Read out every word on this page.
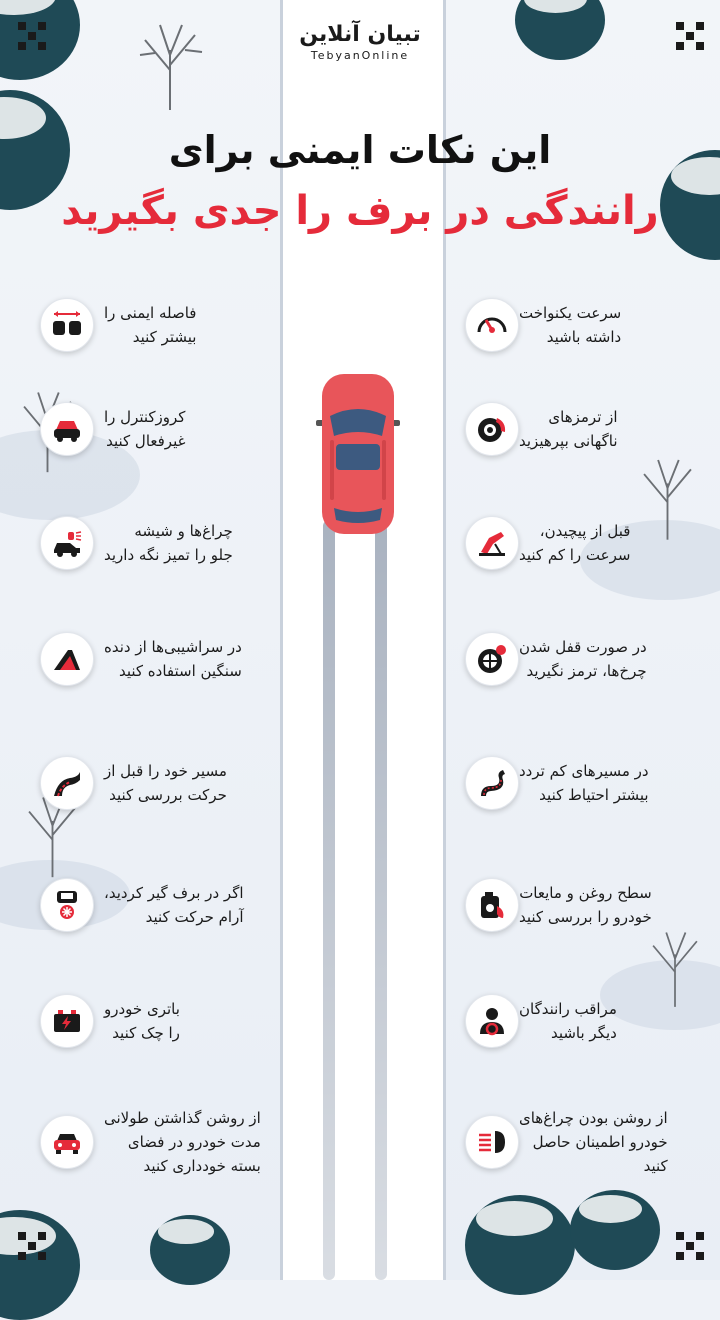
تبیان آنلاین
TebyanOnline
این نکات ایمنی برای
رانندگی در برف را جدی بگیرید
فاصله ایمنی را
بیشتر کنید
کروزکنترل را
غیرفعال کنید
چراغ‌ها و شیشه
جلو را تمیز نگه دارید
در سراشیبی‌ها از دنده
سنگین استفاده کنید
مسیر خود را قبل از
حرکت بررسی کنید
اگر در برف گیر کردید،
آرام حرکت کنید
باتری خودرو
را چک کنید
از روشن گذاشتن طولانی
مدت خودرو در فضای
بسته خودداری کنید
سرعت یکنواخت
داشته باشید
از ترمزهای
ناگهانی بپرهیزید
قبل از پیچیدن،
سرعت را کم کنید
در صورت قفل شدن
چرخ‌ها، ترمز نگیرید
در مسیرهای کم تردد
بیشتر احتیاط کنید
سطح روغن و مایعات
خودرو را بررسی کنید
مراقب رانندگان
دیگر باشید
از روشن بودن چراغ‌های
خودرو اطمینان حاصل
کنید
